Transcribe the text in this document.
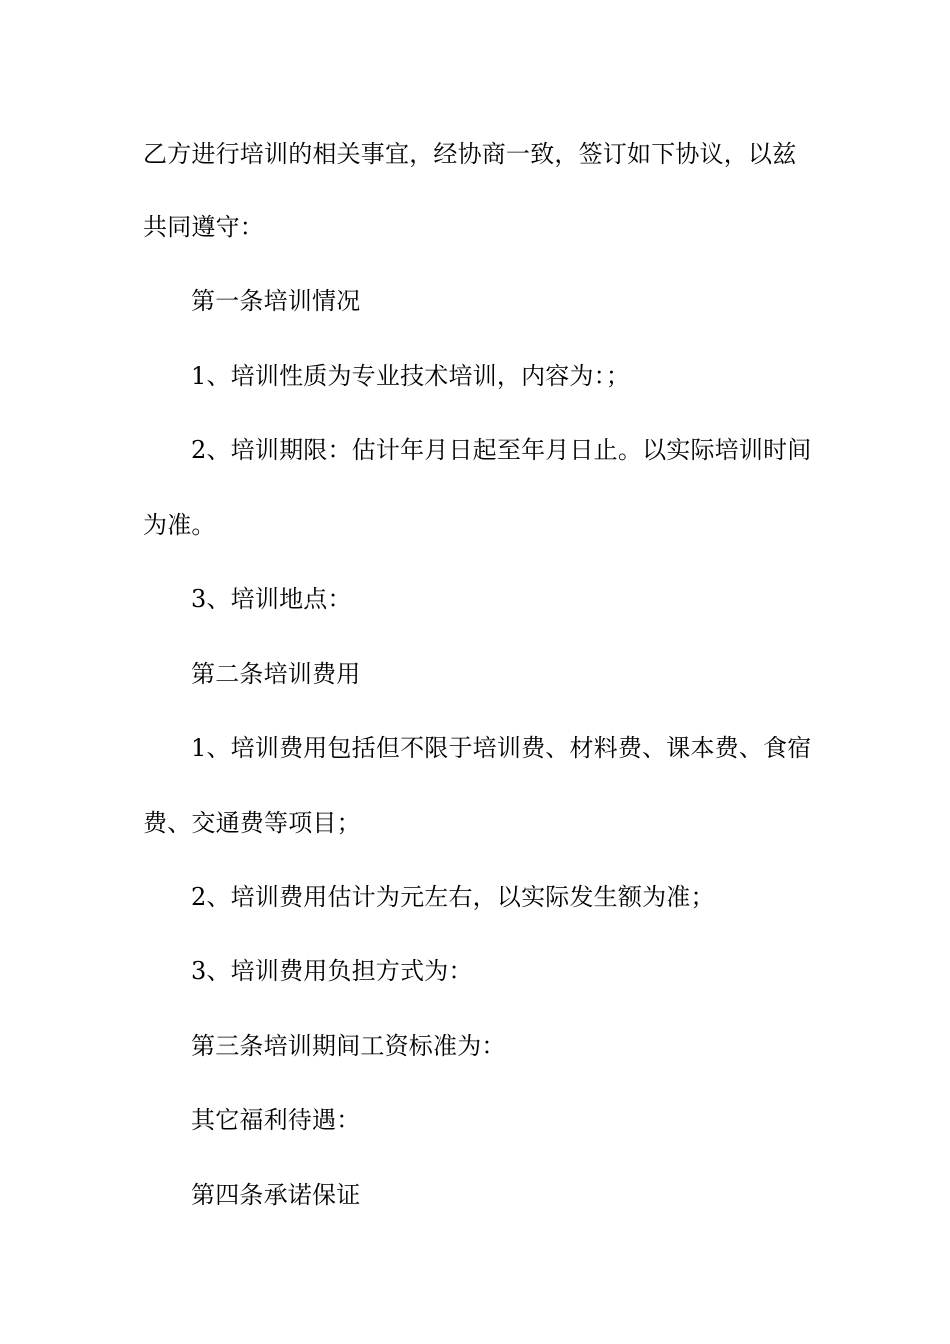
乙方进行培训的相关事宜，经协商一致，签订如下协议，以兹
共同遵守：
第一条培训情况
1、培训性质为专业技术培训，内容为：；
2、培训期限：估计年月日起至年月日止。以实际培训时间
为准。
3、培训地点：
第二条培训费用
1、培训费用包括但不限于培训费、材料费、课本费、食宿
费、交通费等项目；
2、培训费用估计为元左右，以实际发生额为准；
3、培训费用负担方式为：
第三条培训期间工资标准为：
其它福利待遇：
第四条承诺保证
